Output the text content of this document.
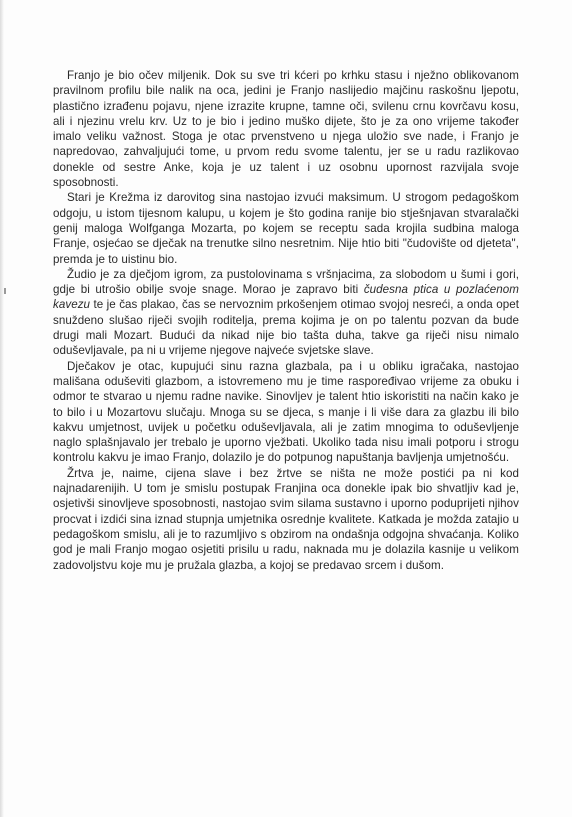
Franjo je bio očev miljenik. Dok su sve tri kćeri po krhku stasu i nježno oblikovanom pravilnom profilu bile nalik na oca, jedini je Franjo naslijedio majčinu raskošnu ljepotu, plastično izrađenu pojavu, njene izrazite krupne, tamne oči, svilenu crnu kovrčavu kosu, ali i njezinu vrelu krv. Uz to je bio i jedino muško dijete, što je za ono vrijeme također imalo veliku važnost. Stoga je otac prvenstveno u njega uložio sve nade, i Franjo je napredovao, zahvaljujući tome, u prvom redu svome talentu, jer se u radu razlikovao donekle od sestre Anke, koja je uz talent i uz osobnu upornost razvijala svoje sposobnosti.

Stari je Krežma iz darovitog sina nastojao izvući maksimum. U strogom pedagoškom odgoju, u istom tijesnom kalupu, u kojem je što godina ranije bio stješnjavan stvaralački genij maloga Wolfganga Mozarta, po kojem se receptu sada krojila sudbina maloga Franje, osjećao se dječak na trenutke silno nesretnim. Nije htio biti "čudovište od djeteta", premda je to uistinu bio.

Žudio je za dječjom igrom, za pustolovinama s vršnjacima, za slobodom u šumi i gori, gdje bi utrošio obilje svoje snage. Morao je zapravo biti čudesna ptica u pozlaćenom kavezu te je čas plakao, čas se nervoznim prkošenjem otimao svojoj nesreći, a onda opet snuždeno slušao riječi svojih roditelja, prema kojima je on po talentu pozvan da bude drugi mali Mozart. Budući da nikad nije bio tašta duha, takve ga riječi nisu nimalo oduševljavale, pa ni u vrijeme njegove najveće svjetske slave.

Dječakov je otac, kupujući sinu razna glazbala, pa i u obliku igračaka, nastojao mališana oduševiti glazbom, a istovremeno mu je time raspoređivao vrijeme za obuku i odmor te stvarao u njemu radne navike. Sinovljev je talent htio iskoristiti na način kako je to bilo i u Mozartovu slučaju. Mnoga su se djeca, s manje i li više dara za glazbu ili bilo kakvu umjetnost, uvijek u početku oduševljavala, ali je zatim mnogima to oduševljenje naglo splašnjavalo jer trebalo je uporno vježbati. Ukoliko tada nisu imali potporu i strogu kontrolu kakvu je imao Franjo, dolazilo je do potpunog napuštanja bavljenja umjetnošću.

Žrtva je, naime, cijena slave i bez žrtve se ništa ne može postići pa ni kod najnadarenijih. U tom je smislu postupak Franjina oca donekle ipak bio shvatljiv kad je, osjetivši sinovljeve sposobnosti, nastojao svim silama sustavno i uporno poduprijeti njihov procvat i izdići sina iznad stupnja umjetnika osrednje kvalitete. Katkada je možda zatajio u pedagoškom smislu, ali je to razumljivo s obzirom na ondašnja odgojna shvaćanja. Koliko god je mali Franjo mogao osjetiti prisilu u radu, naknada mu je dolazila kasnije u velikom zadovoljstvu koje mu je pružala glazba, a kojoj se predavao srcem i dušom.
